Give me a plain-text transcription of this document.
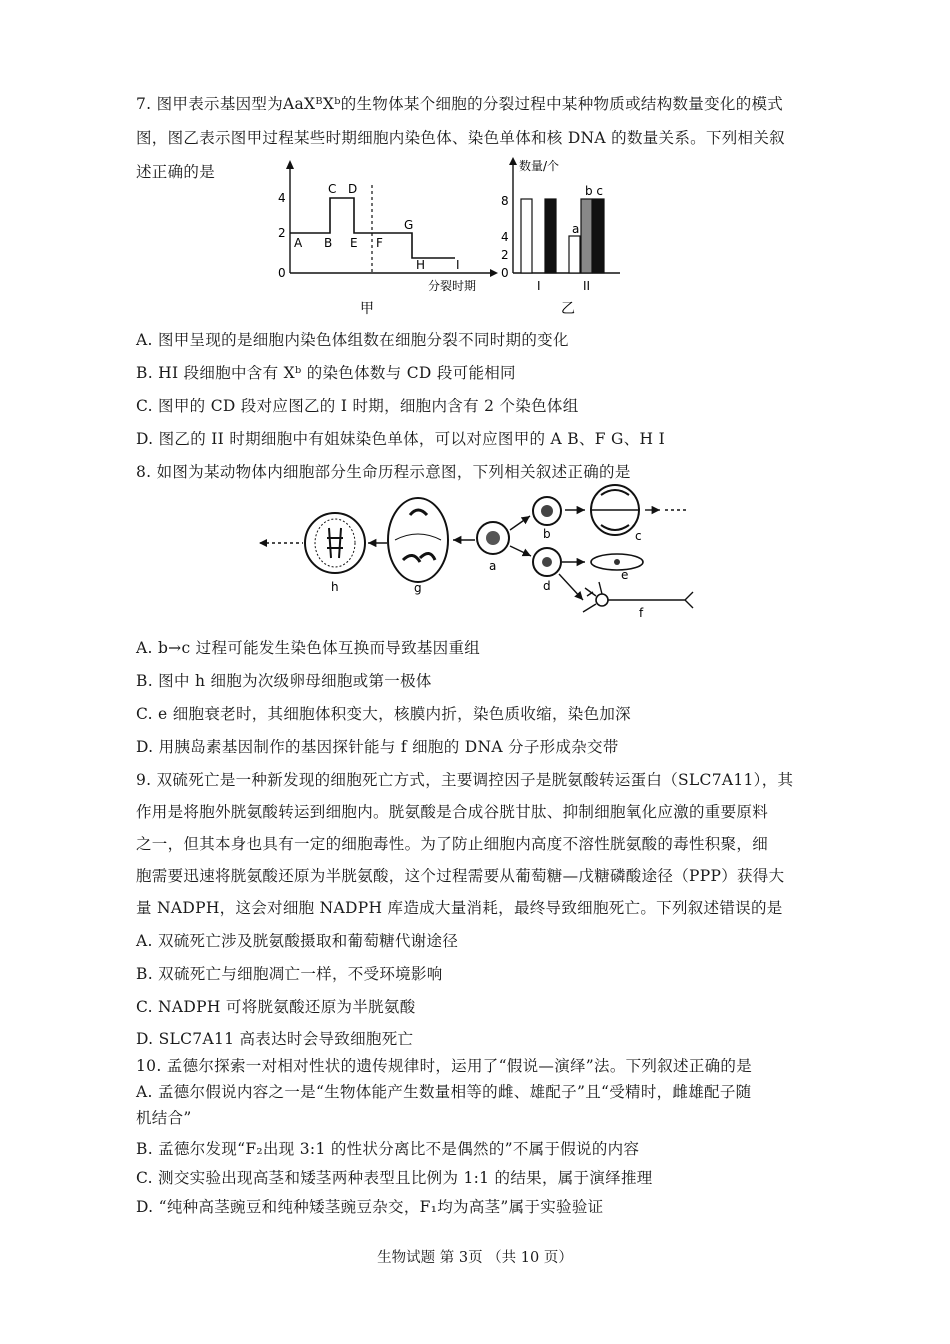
7. 图甲表示基因型为AaXᴮXᵇ的生物体某个细胞的分裂过程中某种物质或结构数量变化的模式
图，图乙表示图甲过程某些时期细胞内染色体、染色单体和核 DNA 的数量关系。下列相关叙
述正确的是
4
2
0
A B
C D
E F
G
H	I
分裂时期
甲
数量/个
8
4
2
0
a
b c
I	II
乙
A. 图甲呈现的是细胞内染色体组数在细胞分裂不同时期的变化
B. HI 段细胞中含有 Xᵇ 的染色体数与 CD 段可能相同
C. 图甲的 CD 段对应图乙的 I 时期，细胞内含有 2 个染色体组
D. 图乙的 II 时期细胞中有姐妹染色单体，可以对应图甲的 A B、F G、H I
8. 如图为某动物体内细胞部分生命历程示意图，下列相关叙述正确的是
h	g
a
b	c
d
e
f
A. b→c 过程可能发生染色体互换而导致基因重组
B. 图中 h 细胞为次级卵母细胞或第一极体
C. e 细胞衰老时，其细胞体积变大，核膜内折，染色质收缩，染色加深
D. 用胰岛素基因制作的基因探针能与 f 细胞的 DNA 分子形成杂交带
9. 双硫死亡是一种新发现的细胞死亡方式，主要调控因子是胱氨酸转运蛋白（SLC7A11），其
作用是将胞外胱氨酸转运到细胞内。胱氨酸是合成谷胱甘肽、抑制细胞氧化应激的重要原料
之一，但其本身也具有一定的细胞毒性。为了防止细胞内高度不溶性胱氨酸的毒性积聚，细
胞需要迅速将胱氨酸还原为半胱氨酸，这个过程需要从葡萄糖—戊糖磷酸途径（PPP）获得大
量 NADPH，这会对细胞 NADPH 库造成大量消耗，最终导致细胞死亡。下列叙述错误的是
A. 双硫死亡涉及胱氨酸摄取和葡萄糖代谢途径
B. 双硫死亡与细胞凋亡一样，不受环境影响
C. NADPH 可将胱氨酸还原为半胱氨酸
D. SLC7A11 高表达时会导致细胞死亡
10. 孟德尔探索一对相对性状的遗传规律时，运用了“假说—演绎”法。下列叙述正确的是
A. 孟德尔假说内容之一是“生物体能产生数量相等的雌、雄配子”且“受精时，雌雄配子随
机结合”
B. 孟德尔发现“F₂出现 3:1 的性状分离比不是偶然的”不属于假说的内容
C. 测交实验出现高茎和矮茎两种表型且比例为 1:1 的结果，属于演绎推理
D. “纯种高茎豌豆和纯种矮茎豌豆杂交，F₁均为高茎”属于实验验证
生物试题 第 3页 （共 10 页）
